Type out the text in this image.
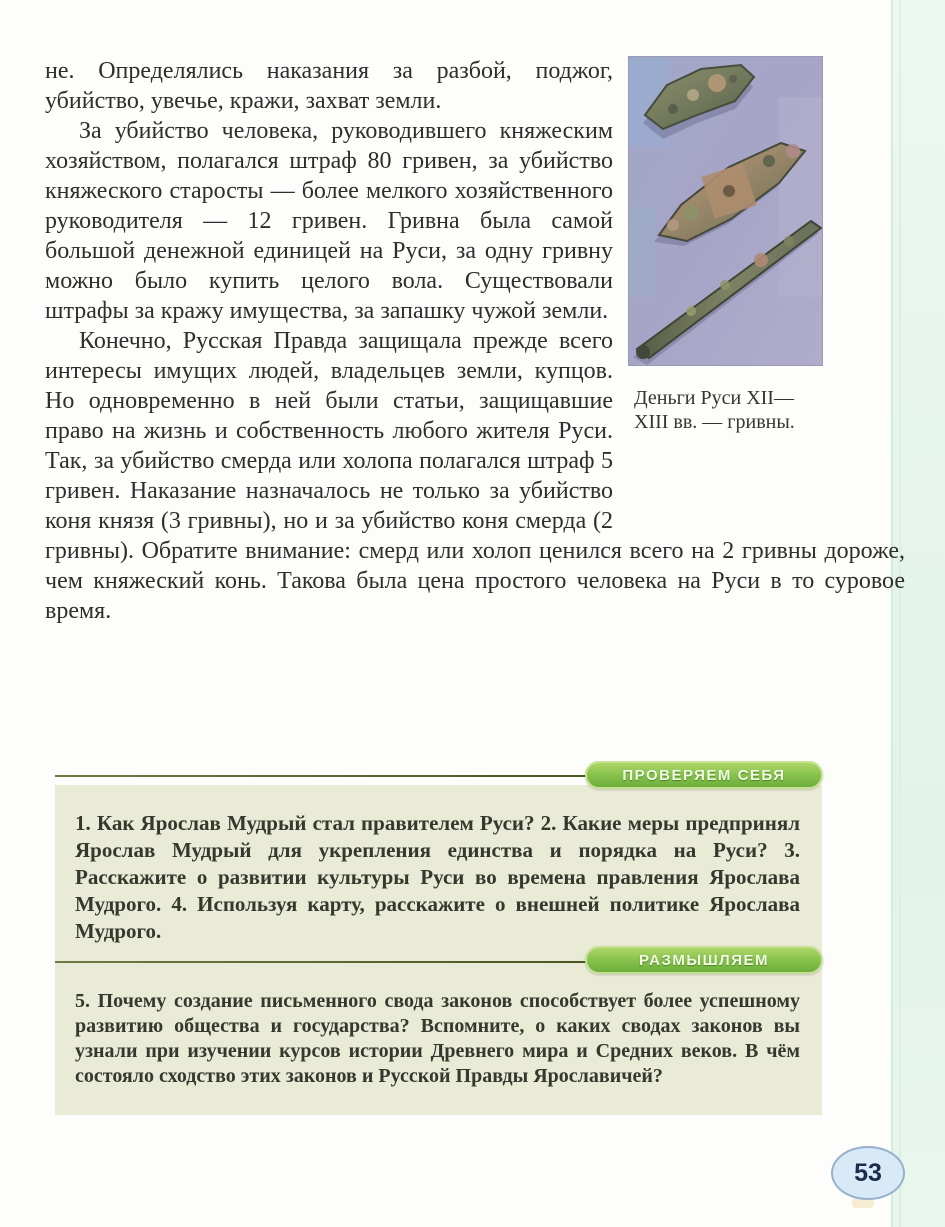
Деньги Руси XII—XIII вв. — гривны.

не. Определялись наказания за разбой, поджог, убийство, увечье, кражи, захват земли.

За убийство человека, руководившего княжеским хозяйством, полагался штраф 80 гривен, за убийство княжеского старосты — более мелкого хозяйственного руководителя — 12 гривен. Гривна была самой большой денежной единицей на Руси, за одну гривну можно было купить целого вола. Существовали штрафы за кражу имущества, за запашку чужой земли.

Конечно, Русская Правда защищала прежде всего интересы имущих людей, владельцев земли, купцов. Но одновременно в ней были статьи, защищавшие право на жизнь и собственность любого жителя Руси. Так, за убийство смерда или холопа полагался штраф 5 гривен. Наказание назначалось не только за убийство коня князя (3 гривны), но и за убийство коня смерда (2 гривны). Обратите внимание: смерд или холоп ценился всего на 2 гривны дороже, чем княжеский конь. Такова была цена простого человека на Руси в то суровое время.

1. Как Ярослав Мудрый стал правителем Руси? 2. Какие меры предпринял Ярослав Мудрый для укрепления единства и порядка на Руси? 3. Расскажите о развитии культуры Руси во времена правления Ярослава Мудрого. 4. Используя карту, расскажите о внешней политике Ярослава Мудрого.

5. Почему создание письменного свода законов способствует более успешному развитию общества и государства? Вспомните, о каких сводах законов вы узнали при изучении курсов истории Древнего мира и Средних веков. В чём состояло сходство этих законов и Русской Правды Ярославичей?

ПРОВЕРЯЕМ СЕБЯ
РАЗМЫШЛЯЕМ
53
